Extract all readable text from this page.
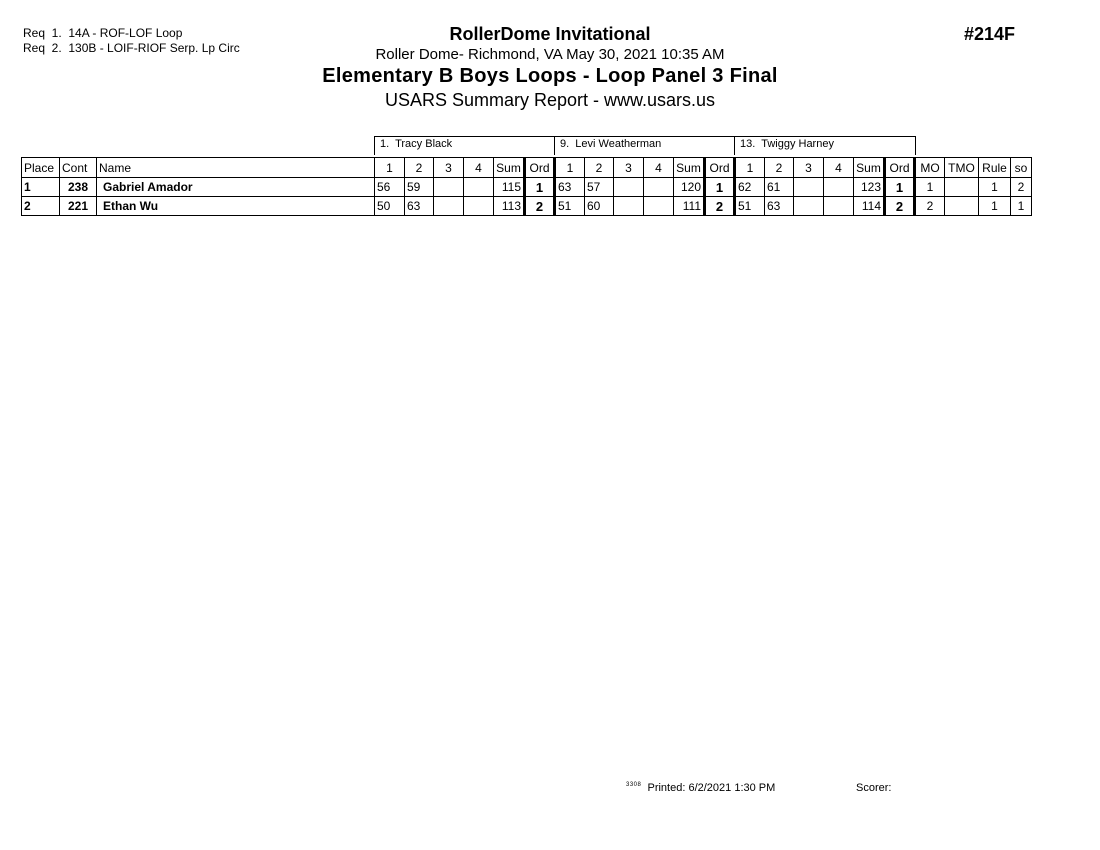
Req  1.  14A - ROF-LOF Loop
Req  2.  130B - LOIF-RIOF Serp. Lp Circ
RollerDome Invitational
Roller Dome- Richmond, VA May 30, 2021 10:35 AM
Elementary B Boys Loops - Loop Panel 3 Final
USARS Summary Report - www.usars.us
#214F
1.  Tracy Black	9.  Levi Weatherman	13.  Twiggy Harney
Place	Cont	Name	1	2	3	4	Sum	Ord	1	2	3	4	Sum	Ord	1	2	3	4	Sum	Ord	MO	TMO	Rule	so
1	238	Gabriel Amador	56	59			115	1	63	57			120	1	62	61			123	1	1		1	2
2	221	Ethan Wu	50	63			113	2	51	60			111	2	51	63			114	2	2		1	1
$^{3308}$ Printed: 6/2/2021 1:30 PM	Scorer:
